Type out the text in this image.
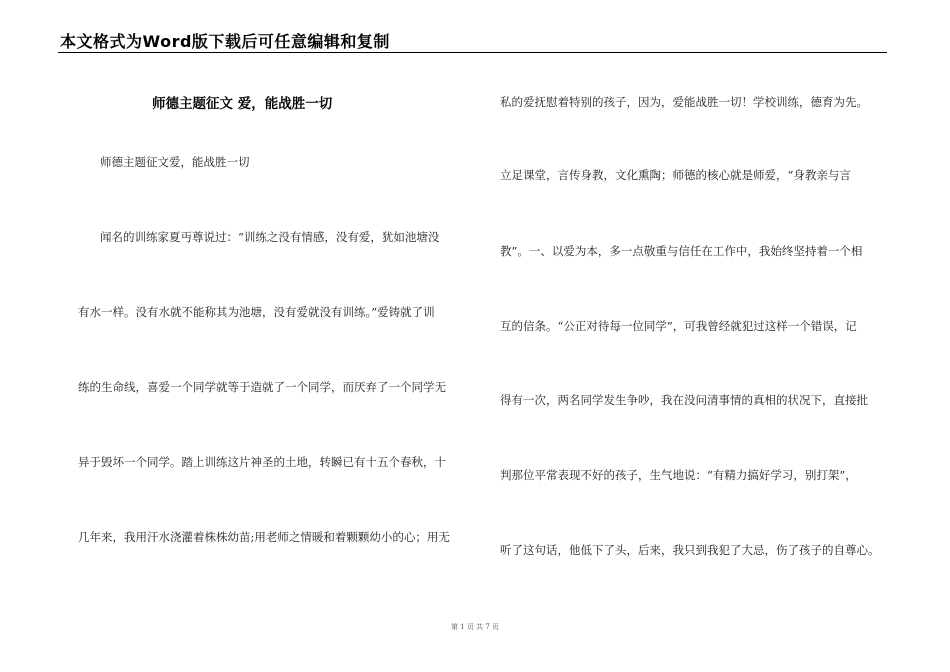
本文格式为Word版下载后可任意编辑和复制
师德主题征文 爱，能战胜一切
师德主题征文爱，能战胜一切
闻名的训练家夏丏尊说过：“训练之没有情感，没有爱，犹如池塘没
有水一样。没有水就不能称其为池塘，没有爱就没有训练。”爱铸就了训
练的生命线，喜爱一个同学就等于造就了一个同学，而厌弃了一个同学无
异于毁坏一个同学。踏上训练这片神圣的土地，转瞬已有十五个春秋，十
几年来，我用汗水浇灌着株株幼苗;用老师之情暖和着颗颗幼小的心；用无
私的爱抚慰着特别的孩子，因为，爱能战胜一切！学校训练，德育为先。
立足课堂，言传身教，文化熏陶；师德的核心就是师爱，“身教亲与言
教”。一、以爱为本，多一点敬重与信任在工作中，我始终坚持着一个相
互的信条。“公正对待每一位同学”，可我曾经就犯过这样一个错误，记
得有一次，两名同学发生争吵，我在没问清事情的真相的状况下，直接批
判那位平常表现不好的孩子，生气地说：“有精力搞好学习，别打架”，
听了这句话，他低下了头，后来，我只到我犯了大忌，伤了孩子的自尊心。
第 1 页 共 7 页
